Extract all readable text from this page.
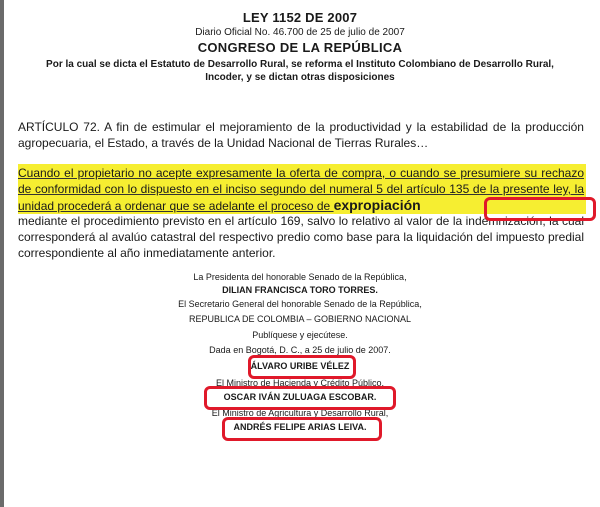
LEY 1152 DE 2007
Diario Oficial No. 46.700 de 25 de julio de 2007
CONGRESO DE LA REPÚBLICA
Por la cual se dicta el Estatuto de Desarrollo Rural, se reforma el Instituto Colombiano de Desarrollo Rural,
Incoder, y se dictan otras disposiciones
ARTÍCULO 72. A fin de estimular el mejoramiento de la productividad y la estabilidad de la producción agropecuaria, el Estado, a través de la Unidad Nacional de Tierras Rurales…
Cuando el propietario no acepte expresamente la oferta de compra, o cuando se presumiere su rechazo de conformidad con lo dispuesto en el inciso segundo del numeral 5 del artículo 135 de la presente ley, la unidad procederá a ordenar que se adelante el proceso de expropiación
mediante el procedimiento previsto en el artículo 169, salvo lo relativo al valor de la indemnización, la cual corresponderá al avalúo catastral del respectivo predio como base para la liquidación del impuesto predial correspondiente al año inmediatamente anterior.
La Presidenta del honorable Senado de la República,
DILIAN FRANCISCA TORO TORRES.
El Secretario General del honorable Senado de la República,
REPUBLICA DE COLOMBIA – GOBIERNO NACIONAL
Publíquese y ejecútese.
Dada en Bogotá, D. C., a 25 de julio de 2007.
ÁLVARO URIBE VÉLEZ
El Ministro de Hacienda y Crédito Público,
OSCAR IVÁN ZULUAGA ESCOBAR.
El Ministro de Agricultura y Desarrollo Rural,
ANDRÉS FELIPE ARIAS LEIVA.
